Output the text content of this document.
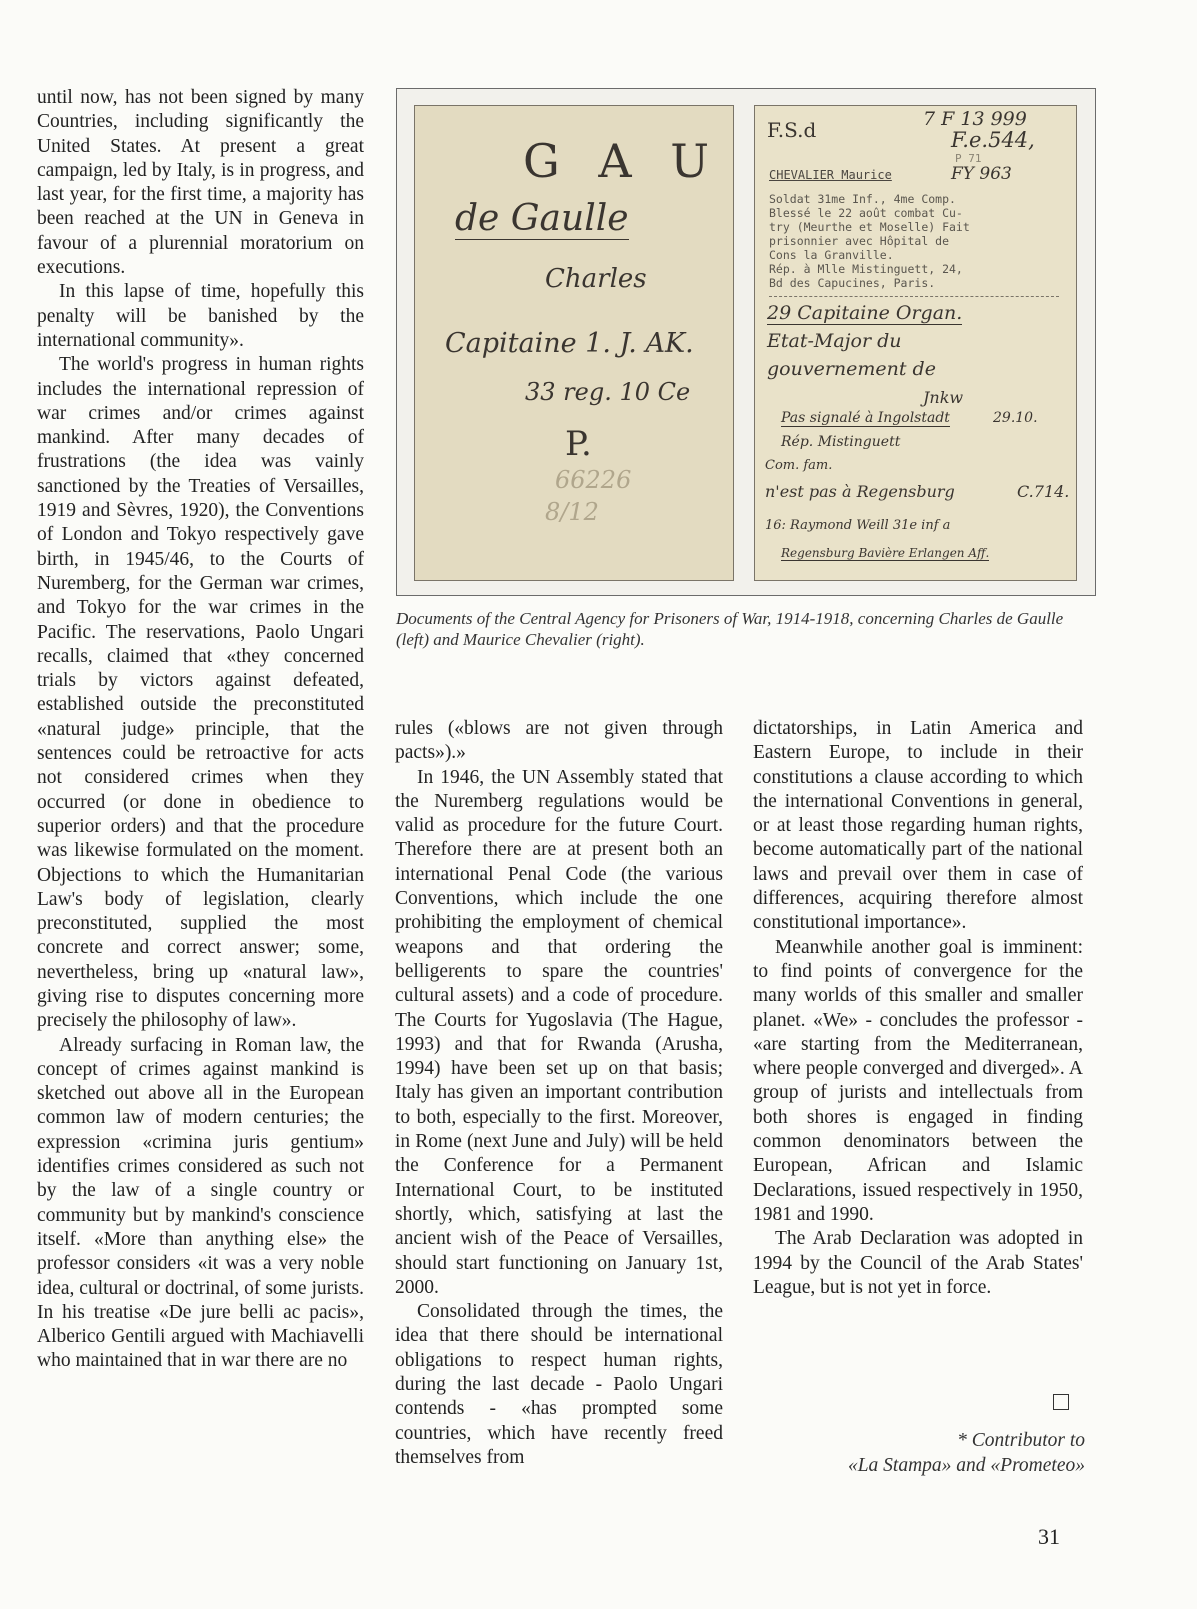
until now, has not been signed by many Countries, including significantly the United States. At present a great campaign, led by Italy, is in progress, and last year, for the first time, a majority has been reached at the UN in Geneva in favour of a plurennial moratorium on executions.

In this lapse of time, hopefully this penalty will be banished by the international community».

The world's progress in human rights includes the international repression of war crimes and/or crimes against mankind. After many decades of frustrations (the idea was vainly sanctioned by the Treaties of Versailles, 1919 and Sèvres, 1920), the Conventions of London and Tokyo respectively gave birth, in 1945/46, to the Courts of Nuremberg, for the German war crimes, and Tokyo for the war crimes in the Pacific. The reservations, Paolo Ungari recalls, claimed that «they concerned trials by victors against defeated, established outside the preconstituted «natural judge» principle, that the sentences could be retroactive for acts not considered crimes when they occurred (or done in obedience to superior orders) and that the procedure was likewise formulated on the moment. Objections to which the Humanitarian Law's body of legislation, clearly preconstituted, supplied the most concrete and correct answer; some, nevertheless, bring up «natural law», giving rise to disputes concerning more precisely the philosophy of law».

Already surfacing in Roman law, the concept of crimes against mankind is sketched out above all in the European common law of modern centuries; the expression «crimina juris gentium» identifies crimes considered as such not by the law of a single country or community but by mankind's conscience itself. «More than anything else» the professor considers «it was a very noble idea, cultural or doctrinal, of some jurists. In his treatise «De jure belli ac pacis», Alberico Gentili argued with Machiavelli who maintained that in war there are no

G A U
de Gaulle
Charles
Capitaine 1. J. AK.
33 reg. 10 Ce
P.
66226
8/12
F.S.d	7 F 13 999
F.e.544,
P 71
CHEVALIER Maurice	FY 963
Soldat 31me Inf., 4me Comp.
Blessé le 22 août combat Cu-
try (Meurthe et Moselle) Fait
prisonnier avec Hôpital de
Cons la Granville.
Rép. à Mlle Mistinguett, 24,
Bd des Capucines, Paris.
29 Capitaine Organ.
Etat-Major du
gouvernement de
Jnkw
Pas signalé à Ingolstadt	29.10.
Rép. Mistinguett
Com. fam.
n'est pas à Regensburg	C.714.
16: Raymond Weill 31e inf a
Regensburg Bavière Erlangen Aff.
Documents of the Central Agency for Prisoners of War, 1914-1918, concerning Charles de Gaulle (left) and Maurice Chevalier (right).

rules («blows are not given through pacts»).»

In 1946, the UN Assembly stated that the Nuremberg regulations would be valid as procedure for the future Court. Therefore there are at present both an international Penal Code (the various Conventions, which include the one prohibiting the employment of chemical weapons and that ordering the belligerents to spare the countries' cultural assets) and a code of procedure. The Courts for Yugoslavia (The Hague, 1993) and that for Rwanda (Arusha, 1994) have been set up on that basis; Italy has given an important contribution to both, especially to the first. Moreover, in Rome (next June and July) will be held the Conference for a Permanent International Court, to be instituted shortly, which, satisfying at last the ancient wish of the Peace of Versailles, should start functioning on January 1st, 2000.

Consolidated through the times, the idea that there should be international obligations to respect human rights, during the last decade - Paolo Ungari contends - «has prompted some countries, which have recently freed themselves from

dictatorships, in Latin America and Eastern Europe, to include in their constitutions a clause according to which the international Conventions in general, or at least those regarding human rights, become automatically part of the national laws and prevail over them in case of differences, acquiring therefore almost constitutional importance».

Meanwhile another goal is imminent: to find points of convergence for the many worlds of this smaller and smaller planet. «We» - concludes the professor - «are starting from the Mediterranean, where people converged and diverged». A group of jurists and intellectuals from both shores is engaged in finding common denominators between the European, African and Islamic Declarations, issued respectively in 1950, 1981 and 1990.

The Arab Declaration was adopted in 1994 by the Council of the Arab States' League, but is not yet in force.

* Contributor to
«La Stampa» and «Prometeo»
31
